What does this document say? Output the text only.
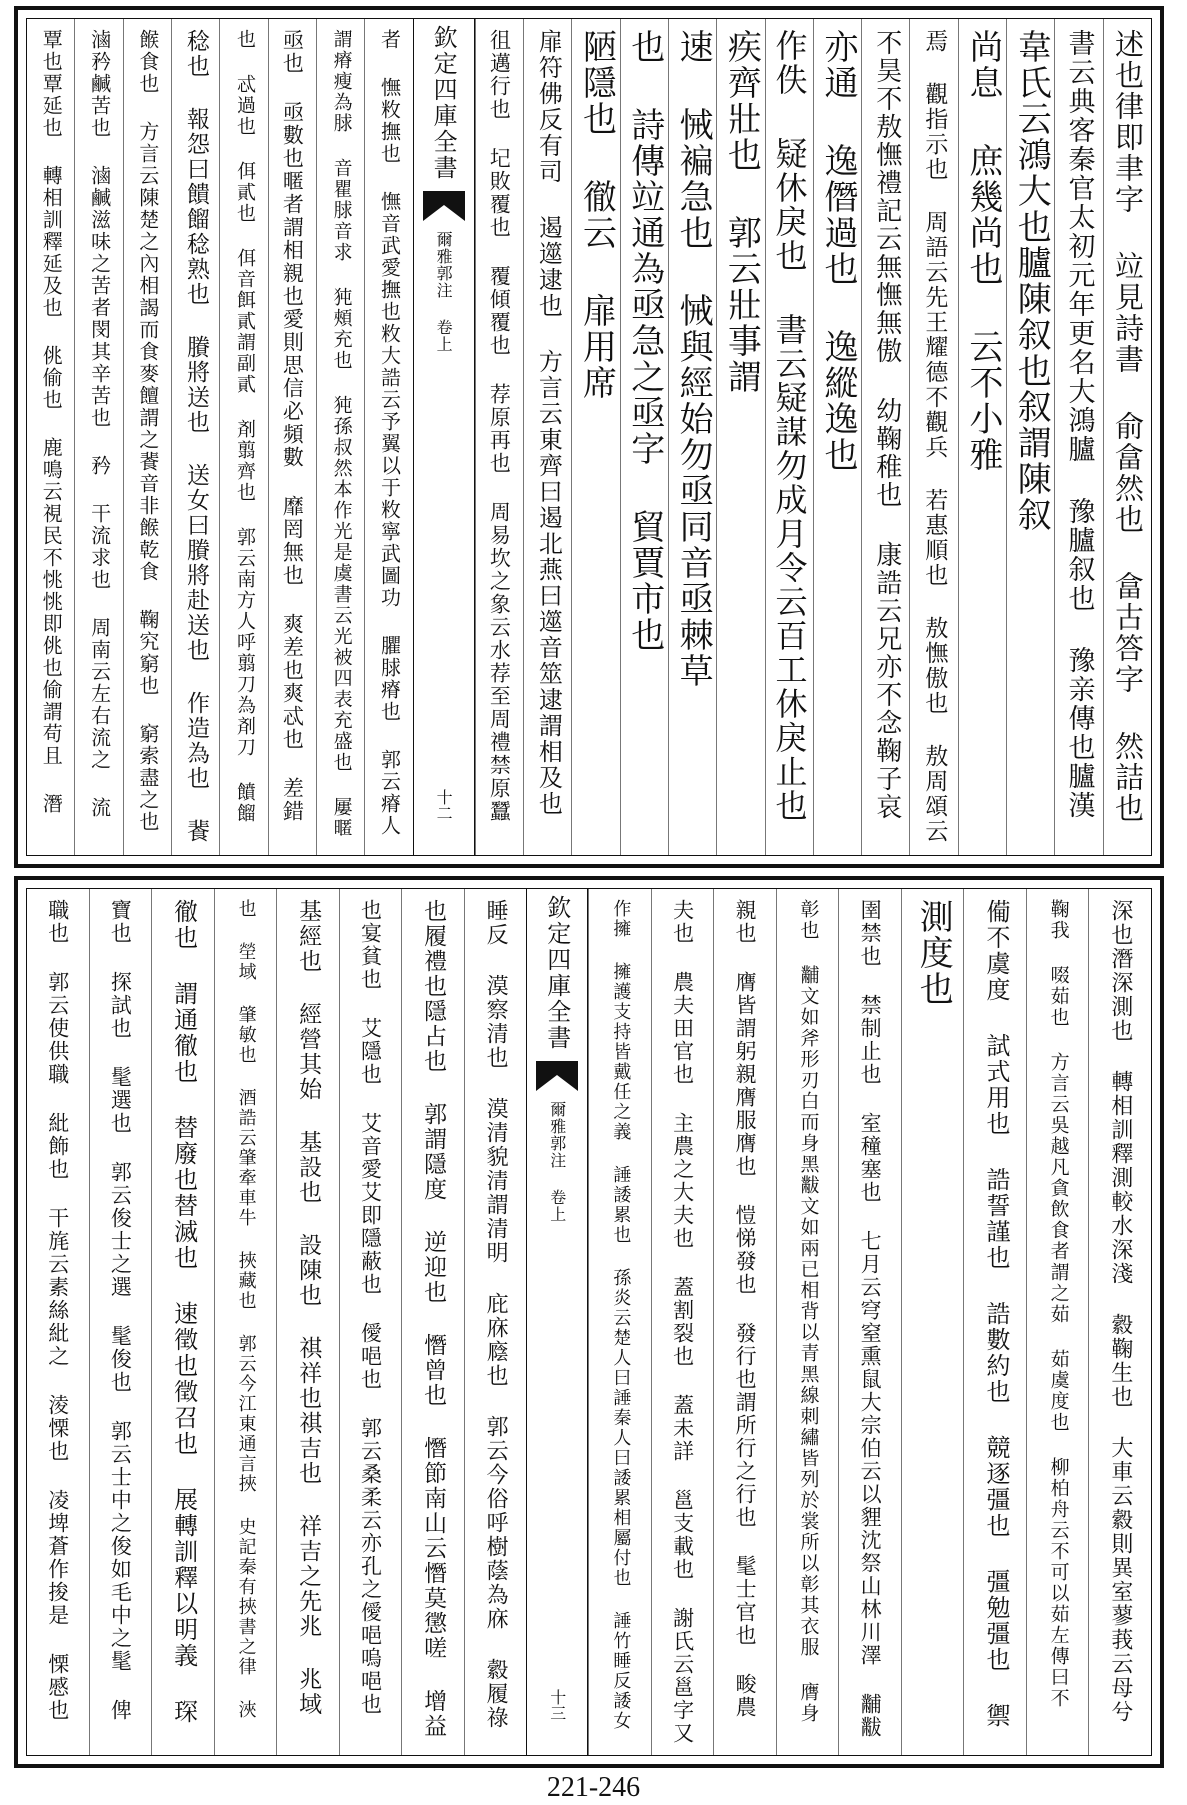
述也律即聿字 竝見詩書 俞畣然也 畣古答字 然詰也
書云典客秦官太初元年更名大鴻臚 豫臚叙也 豫亲傳也臚漢
韋氏云鴻大也臚陳叙也叙謂陳叙
尚息 庶幾尚也 云不小雅
焉 觀指示也 周語云先王耀德不觀兵 若惠順也 敖憮傲也 敖周頌云
不昊不敖憮禮記云無憮無傲 幼鞠稚也 康誥云兄亦不念鞠子哀
亦通 逸僭過也 逸縱逸也
作佚 疑休戾也 書云疑謀勿成月令云百工休戾止也
疾齊壯也 郭云壯事謂
速 悈褊急也 悈與經始勿亟同音亟棘草
也 詩傳竝通為亟急之亟字 貿賈市也
陋隱也 徹云 扉用席
扉符佛反有司 遏遾逮也 方言云東齊曰遏北燕曰遾音筮逮謂相及也
徂邁行也 圮敗覆也 覆傾覆也 荐原再也 周易坎之象云水荐至周禮禁原蠶
欽定四庫全書
爾雅郭注 卷上
十二
者 憮敉撫也 憮音武愛撫也敉大誥云予翼以于敉寧武圖功 臞脙瘠也 郭云瘠人
謂瘠瘦為脙 音瞿脙音求 㹠頰充也 㹠孫叔然本作光是虞書云光被四表充盛也 屢暱
亟也 亟數也暱者謂相親也愛則思信必頻數 靡罔無也 爽差也爽忒也 差錯
也 忒過也 佴貳也 佴音餌貳謂副貳 剤翦齊也 郭云南方人呼翦刀為剤刀 饙餾
稔也 報怨曰饋餾稔熟也 賸將送也 送女曰賸將赴送也 作造為也 餥
餱食也 方言云陳楚之內相謁而食麥饘謂之餥音非餱乾食 鞠究窮也 窮索盡之也
滷矜鹹苦也 滷鹹滋味之苦者閔其辛苦也 矜 干流求也 周南云左右流之 流
覃也覃延也 轉相訓釋延及也 佻偷也 鹿鳴云視民不恌恌即佻也偷謂苟且 潛
深也潛深測也 轉相訓釋測較水深淺 縠鞠生也 大車云縠則異室蓼莪云母兮
鞠我 啜茹也 方言云吳越凡貪飲食者謂之茹 茹虞度也 柳柏舟云不可以茹左傳曰不
僃不虞度 試式用也 誥誓謹也 誥數約也 競逐彊也 彊勉彊也 禦
測度也
圉禁也 禁制止也 室穜塞也 七月云穹窒熏鼠大宗伯云以貍沈祭山林川澤 黼黻
彰也 黼文如斧形刃白而身黑黻文如兩已相背以青黑線刺繡皆列於裳所以彰其衣服 膺身
親也 膺皆謂躬親膺服膺也 愷悌發也 發行也謂所行之行也 髦士官也 畯農
夫也 農夫田官也 主農之大夫也 蓋割裂也 蓋未詳 邕支載也 謝氏云邕字又
作擁 擁護支持皆戴任之義 諈諉累也 孫炎云楚人曰諈秦人曰諉累相屬付也 諈竹睡反諉女
欽定四庫全書
爾雅郭注 卷上
十三
睡反 漠察清也 漠清貌清謂清明 庇庥廕也 郭云今俗呼樹蔭為庥 縠履祿
也履禮也隱占也 郭謂隱度 逆迎也 憯曾也 憯節南山云憯莫懲嗟 增益
也宴貧也 艾隱也 艾音愛艾即隱蔽也 僾唈也 郭云桑柔云亦孔之僾唈嗚唈也
基經也 經營其始 基設也 設陳也 祺祥也祺吉也 祥吉之先兆 兆域
也 塋域 肇敏也 酒誥云肇牽車牛 挾藏也 郭云今江東通言挾 史記秦有挾書之律 浹
徹也 謂通徹也 替廢也替滅也 速徵也徵召也 展轉訓釋以明義 琛
寶也 探試也 髦選也 郭云俊士之選 髦俊也 郭云士中之俊如毛中之髦 俾
職也 郭云使供職 紕飾也 干旄云素絲紕之 淩慄也 凌埤蒼作捘是 慄慼也
221-246
